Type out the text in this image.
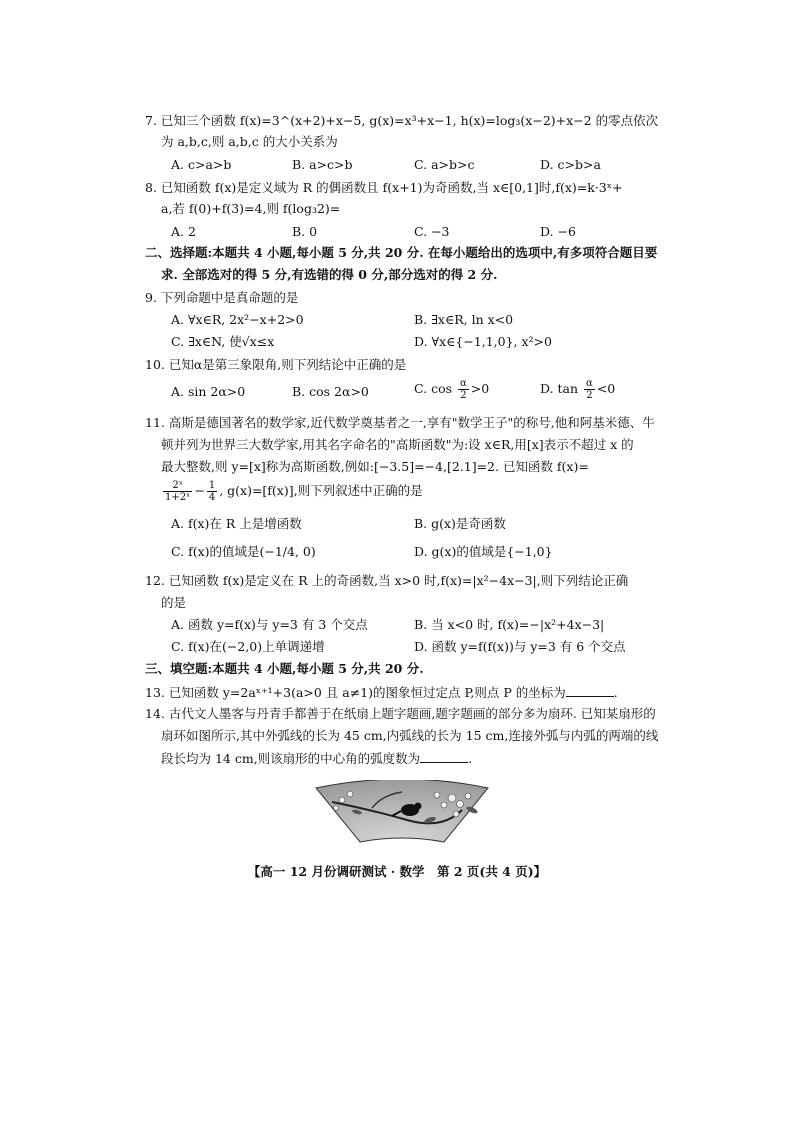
7. 已知三个函数 f(x)=3^(x+2)+x−5, g(x)=x³+x−1, h(x)=log₃(x−2)+x−2 的零点依次
为 a,b,c,则 a,b,c 的大小关系为
A. c>a>b	B. a>c>b	C. a>b>c	D. c>b>a
8. 已知函数 f(x)是定义域为 R 的偶函数且 f(x+1)为奇函数,当 x∈[0,1]时,f(x)=k·3ˣ+
a,若 f(0)+f(3)=4,则 f(log₃2)=
A. 2	B. 0	C. −3	D. −6
二、选择题:本题共 4 小题,每小题 5 分,共 20 分. 在每小题给出的选项中,有多项符合题目要
求. 全部选对的得 5 分,有选错的得 0 分,部分选对的得 2 分.
9. 下列命题中是真命题的是
A. ∀x∈R, 2x²−x+2>0	B. ∃x∈R, ln x<0
C. ∃x∈N, 使√x≤x	D. ∀x∈{−1,1,0}, x²>0
10. 已知α是第三象限角,则下列结论中正确的是
A. sin 2α>0	B. cos 2α>0	C. $\cos \frac{\alpha}{2} >0$	D. $\tan \frac{\alpha}{2} <0$
11. 高斯是德国著名的数学家,近代数学奠基者之一,享有"数学王子"的称号,他和阿基米德、牛
顿并列为世界三大数学家,用其名字命名的"高斯函数"为:设 x∈R,用[x]表示不超过 x 的
最大整数,则 y=[x]称为高斯函数,例如:[−3.5]=−4,[2.1]=2. 已知函数 f(x)=
$\frac{\text{2ˣ}}{\text{1+2ˣ}} - \frac{1}{4}$ , g(x)=[f(x)],则下列叙述中正确的是
A. f(x)在 R 上是增函数	B. g(x)是奇函数
C. f(x)的值域是(−1/4, 0)	D. g(x)的值域是{−1,0}
12. 已知函数 f(x)是定义在 R 上的奇函数,当 x>0 时,f(x)=|x²−4x−3|,则下列结论正确
的是
A. 函数 y=f(x)与 y=3 有 3 个交点	B. 当 x<0 时, f(x)=−|x²+4x−3|
C. f(x)在(−2,0)上单调递增	D. 函数 y=f(f(x))与 y=3 有 6 个交点
三、填空题:本题共 4 小题,每小题 5 分,共 20 分.
13. 已知函数 y=2aˣ⁺¹+3(a>0 且 a≠1)的图象恒过定点 P,则点 P 的坐标为	.
14. 古代文人墨客与丹青手都善于在纸扇上题字题画,题字题画的部分多为扇环. 已知某扇形的
扇环如图所示,其中外弧线的长为 45 cm,内弧线的长为 15 cm,连接外弧与内弧的两端的线
段长均为 14 cm,则该扇形的中心角的弧度数为	.
【高一 12 月份调研测试 · 数学　第 2 页(共 4 页)】
